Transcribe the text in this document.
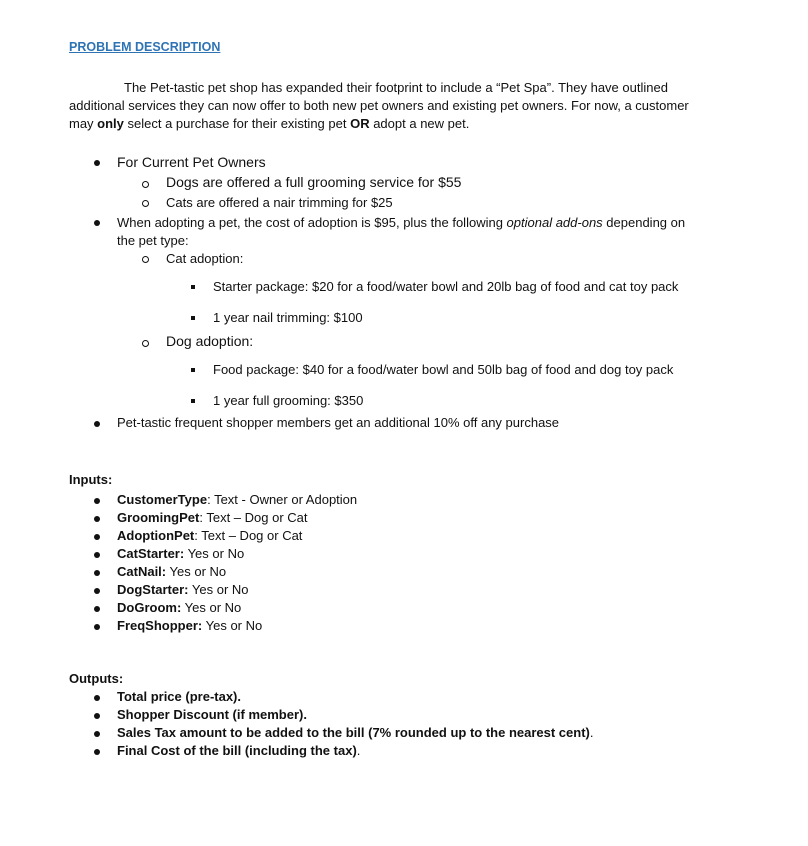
PROBLEM DESCRIPTION
The Pet-tastic pet shop has expanded their footprint to include a “Pet Spa”. They have outlined
additional services they can now offer to both new pet owners and existing pet owners. For now, a customer
may only select a purchase for their existing pet OR adopt a new pet.
For Current Pet Owners
Dogs are offered a full grooming service for $55
Cats are offered a nair trimming for $25
When adopting a pet, the cost of adoption is $95, plus the following optional add-ons depending on
the pet type:
Cat adoption:
Starter package: $20 for a food/water bowl and 20lb bag of food and cat toy pack
1 year nail trimming: $100
Dog adoption:
Food package: $40 for a food/water bowl and 50lb bag of food and dog toy pack
1 year full grooming: $350
Pet-tastic frequent shopper members get an additional 10% off any purchase
Inputs:
CustomerType: Text - Owner or Adoption
GroomingPet: Text – Dog or Cat
AdoptionPet: Text – Dog or Cat
CatStarter: Yes or No
CatNail: Yes or No
DogStarter: Yes or No
DoGroom: Yes or No
FreqShopper: Yes or No
Outputs:
Total price (pre-tax).
Shopper Discount (if member).
Sales Tax amount to be added to the bill (7% rounded up to the nearest cent).
Final Cost of the bill (including the tax).
